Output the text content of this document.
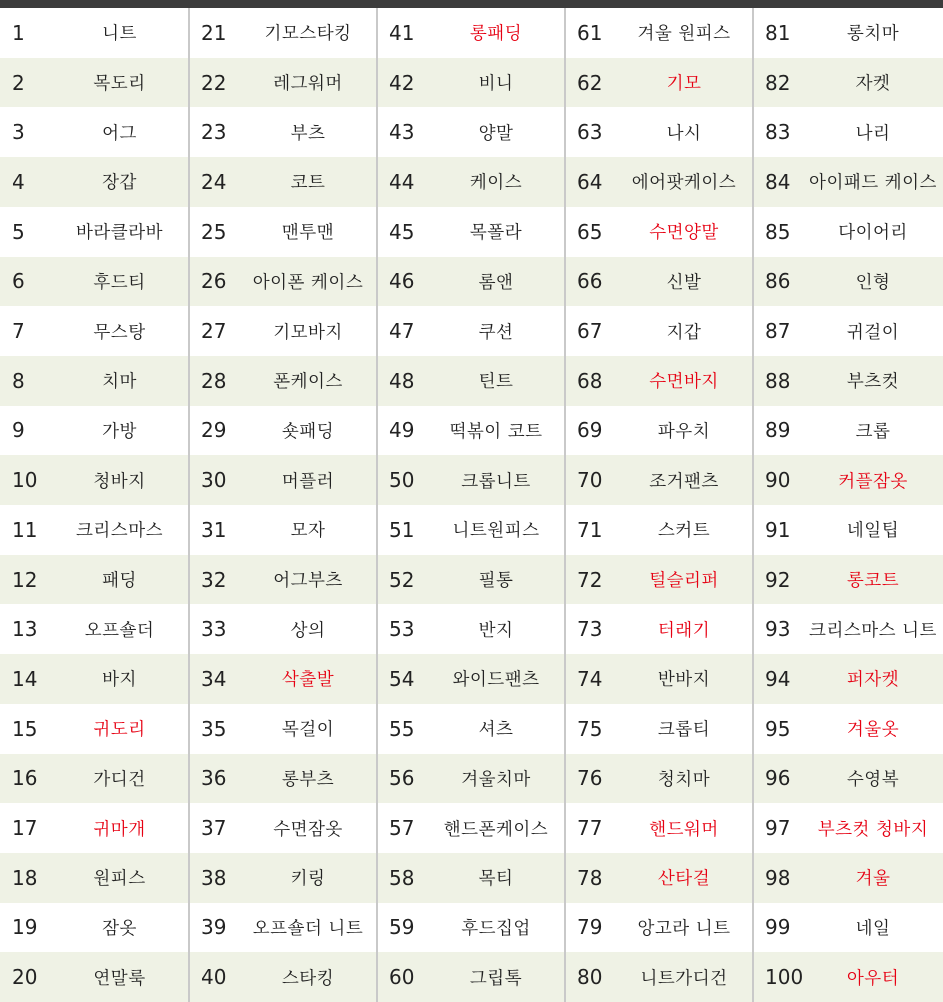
1	니트	21	기모스타킹	41	롱패딩	61	겨울 원피스	81	롱치마
2	목도리	22	레그워머	42	비니	62	기모	82	자켓
3	어그	23	부츠	43	양말	63	나시	83	나리
4	장갑	24	코트	44	케이스	64	에어팟케이스	84	아이패드 케이스
5	바라클라바	25	맨투맨	45	목폴라	65	수면양말	85	다이어리
6	후드티	26	아이폰 케이스	46	롬앤	66	신발	86	인형
7	무스탕	27	기모바지	47	쿠션	67	지갑	87	귀걸이
8	치마	28	폰케이스	48	틴트	68	수면바지	88	부츠컷
9	가방	29	숏패딩	49	떡볶이 코트	69	파우치	89	크롭
10	청바지	30	머플러	50	크롭니트	70	조거팬츠	90	커플잠옷
11	크리스마스	31	모자	51	니트원피스	71	스커트	91	네일팁
12	패딩	32	어그부츠	52	필통	72	털슬리퍼	92	롱코트
13	오프숄더	33	상의	53	반지	73	터래기	93	크리스마스 니트
14	바지	34	삭출발	54	와이드팬츠	74	반바지	94	퍼자켓
15	귀도리	35	목걸이	55	셔츠	75	크롭티	95	겨울옷
16	가디건	36	롱부츠	56	겨울치마	76	청치마	96	수영복
17	귀마개	37	수면잠옷	57	핸드폰케이스	77	핸드워머	97	부츠컷 청바지
18	원피스	38	키링	58	목티	78	산타걸	98	겨울
19	잠옷	39	오프숄더 니트	59	후드집업	79	앙고라 니트	99	네일
20	연말룩	40	스타킹	60	그립톡	80	니트가디건	100	아우터
